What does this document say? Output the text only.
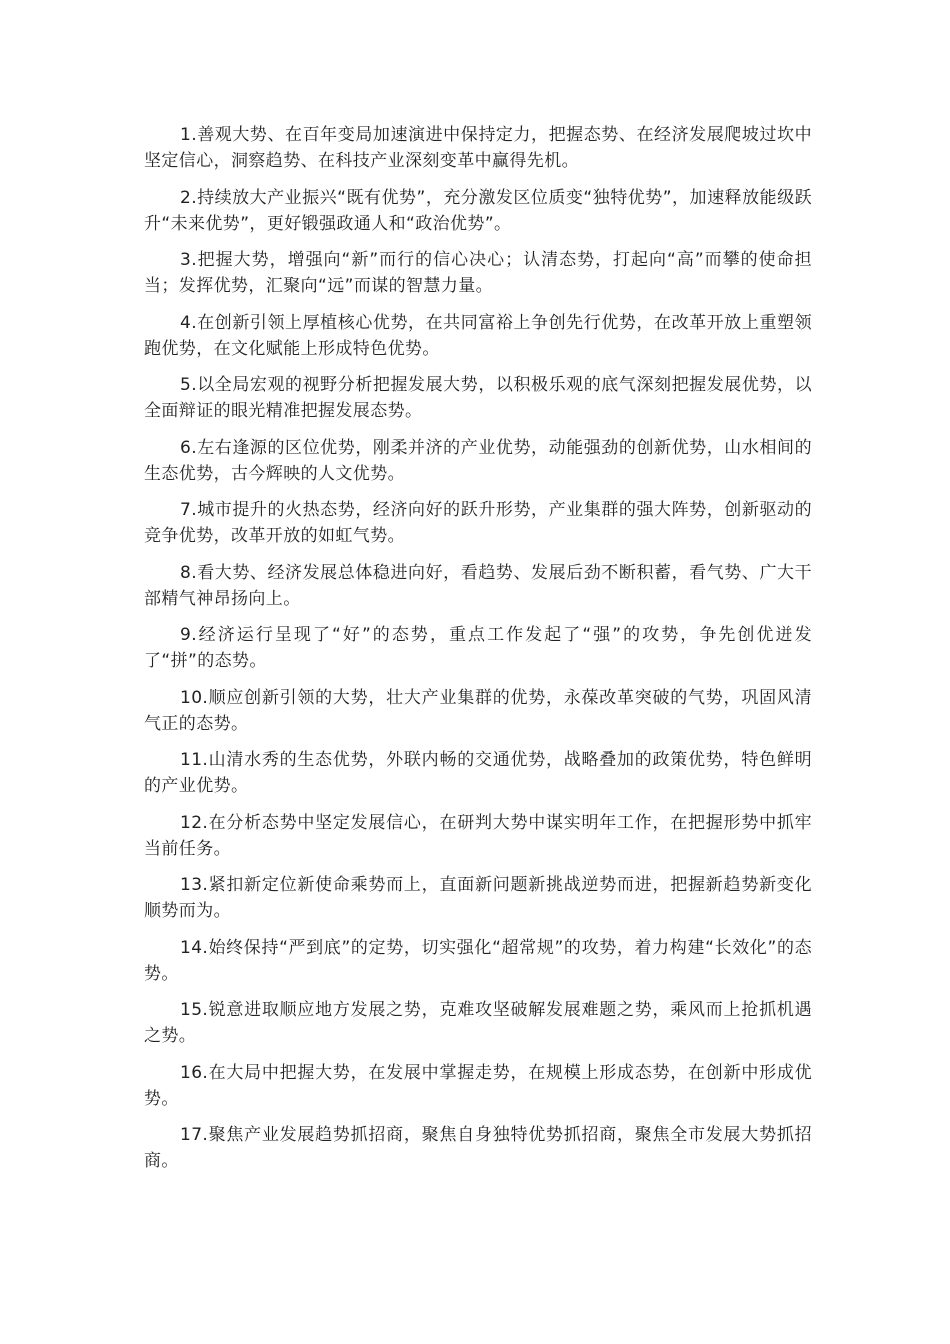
1.善观大势、在百年变局加速演进中保持定力，把握态势、在经济发展爬坡过坎中坚定信心，洞察趋势、在科技产业深刻变革中赢得先机。

2.持续放大产业振兴“既有优势”，充分激发区位质变“独特优势”，加速释放能级跃升“未来优势”，更好锻强政通人和“政治优势”。

3.把握大势，增强向“新”而行的信心决心；认清态势，打起向“高”而攀的使命担当；发挥优势，汇聚向“远”而谋的智慧力量。

4.在创新引领上厚植核心优势，在共同富裕上争创先行优势，在改革开放上重塑领跑优势，在文化赋能上形成特色优势。

5.以全局宏观的视野分析把握发展大势，以积极乐观的底气深刻把握发展优势，以全面辩证的眼光精准把握发展态势。

6.左右逢源的区位优势，刚柔并济的产业优势，动能强劲的创新优势，山水相间的生态优势，古今辉映的人文优势。

7.城市提升的火热态势，经济向好的跃升形势，产业集群的强大阵势，创新驱动的竞争优势，改革开放的如虹气势。

8.看大势、经济发展总体稳进向好，看趋势、发展后劲不断积蓄，看气势、广大干部精气神昂扬向上。

9.经济运行呈现了“好”的态势，重点工作发起了“强”的攻势，争先创优迸发了“拼”的态势。

10.顺应创新引领的大势，壮大产业集群的优势，永葆改革突破的气势，巩固风清气正的态势。

11.山清水秀的生态优势，外联内畅的交通优势，战略叠加的政策优势，特色鲜明的产业优势。

12.在分析态势中坚定发展信心，在研判大势中谋实明年工作，在把握形势中抓牢当前任务。

13.紧扣新定位新使命乘势而上，直面新问题新挑战逆势而进，把握新趋势新变化顺势而为。

14.始终保持“严到底”的定势，切实强化“超常规”的攻势，着力构建“长效化”的态势。

15.锐意进取顺应地方发展之势，克难攻坚破解发展难题之势，乘风而上抢抓机遇之势。

16.在大局中把握大势，在发展中掌握走势，在规模上形成态势，在创新中形成优势。

17.聚焦产业发展趋势抓招商，聚焦自身独特优势抓招商，聚焦全市发展大势抓招商。
